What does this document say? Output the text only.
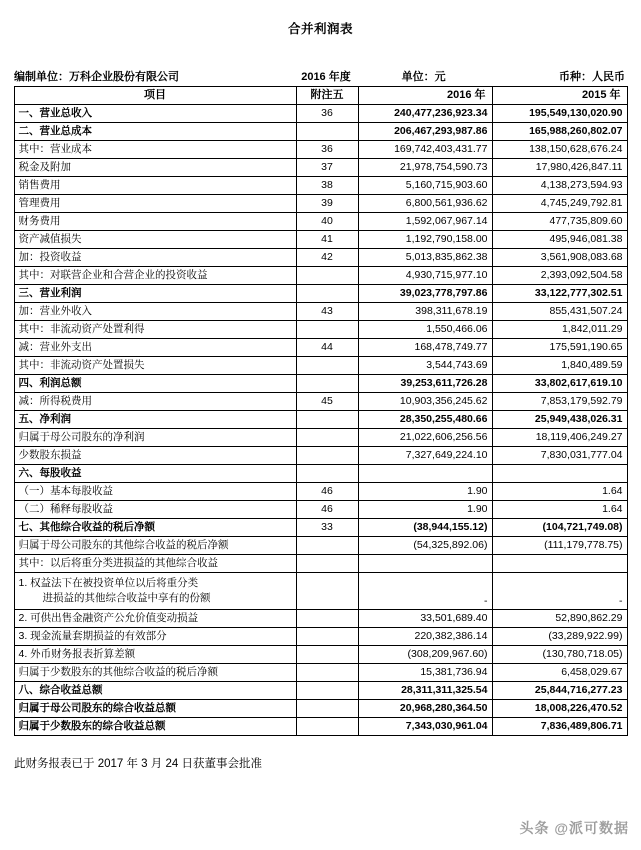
合并利润表
编制单位：万科企业股份有限公司	2016 年度	单位：元	币种：人民币
项目	附注五	2016 年	2015 年
一、营业总收入	36	240,477,236,923.34	195,549,130,020.90
二、营业总成本		206,467,293,987.86	165,988,260,802.07
其中：营业成本	36	169,742,403,431.77	138,150,628,676.24
税金及附加	37	21,978,754,590.73	17,980,426,847.11
销售费用	38	5,160,715,903.60	4,138,273,594.93
管理费用	39	6,800,561,936.62	4,745,249,792.81
财务费用	40	1,592,067,967.14	477,735,809.60
资产减值损失	41	1,192,790,158.00	495,946,081.38
加：投资收益	42	5,013,835,862.38	3,561,908,083.68
其中：对联营企业和合营企业的投资收益		4,930,715,977.10	2,393,092,504.58
三、营业利润		39,023,778,797.86	33,122,777,302.51
加：营业外收入	43	398,311,678.19	855,431,507.24
其中：非流动资产处置利得		1,550,466.06	1,842,011.29
减：营业外支出	44	168,478,749.77	175,591,190.65
其中：非流动资产处置损失		3,544,743.69	1,840,489.59
四、利润总额		39,253,611,726.28	33,802,617,619.10
减：所得税费用	45	10,903,356,245.62	7,853,179,592.79
五、净利润		28,350,255,480.66	25,949,438,026.31
归属于母公司股东的净利润		21,022,606,256.56	18,119,406,249.27
少数股东损益		7,327,649,224.10	7,830,031,777.04
六、每股收益			
（一）基本每股收益	46	1.90	1.64
（二）稀释每股收益	46	1.90	1.64
七、其他综合收益的税后净额	33	(38,944,155.12)	(104,721,749.08)
归属于母公司股东的其他综合收益的税后净额		(54,325,892.06)	(111,179,778.75)
其中：以后将重分类进损益的其他综合收益			
1. 权益法下在被投资单位以后将重分类
进损益的其他综合收益中享有的份额		-	-
2. 可供出售金融资产公允价值变动损益		33,501,689.40	52,890,862.29
3. 现金流量套期损益的有效部分		220,382,386.14	(33,289,922.99)
4. 外币财务报表折算差额		(308,209,967.60)	(130,780,718.05)
归属于少数股东的其他综合收益的税后净额		15,381,736.94	6,458,029.67
八、综合收益总额		28,311,311,325.54	25,844,716,277.23
归属于母公司股东的综合收益总额		20,968,280,364.50	18,008,226,470.52
归属于少数股东的综合收益总额		7,343,030,961.04	7,836,489,806.71
此财务报表已于 2017 年 3 月 24 日获董事会批准
头条 @派可数据
